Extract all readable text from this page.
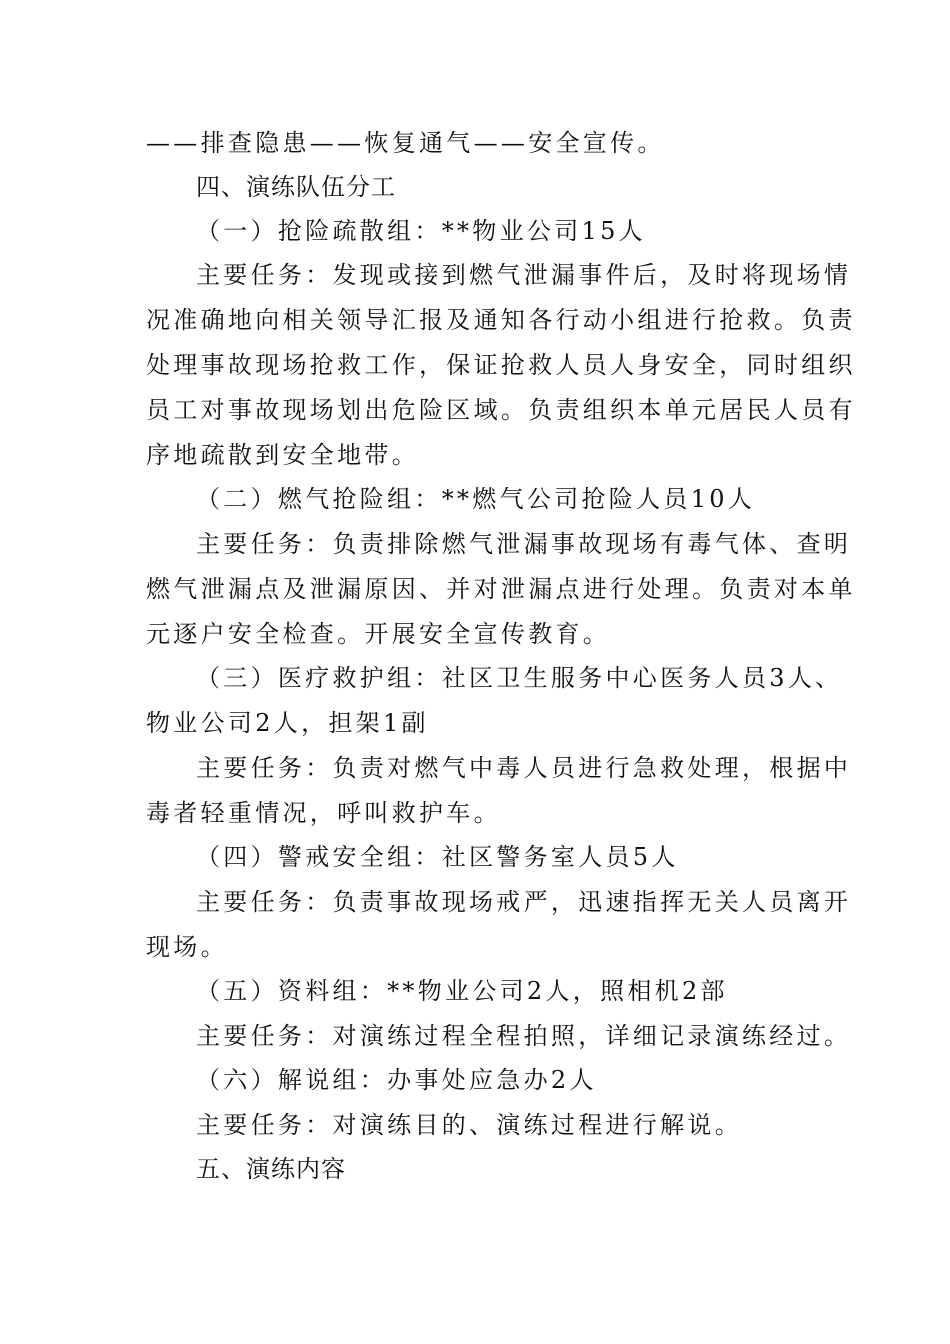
——排查隐患——恢复通气——安全宣传。
四、演练队伍分工
（一）抢险疏散组：**物业公司15人
主要任务：发现或接到燃气泄漏事件后，及时将现场情
况准确地向相关领导汇报及通知各行动小组进行抢救。负责
处理事故现场抢救工作，保证抢救人员人身安全，同时组织
员工对事故现场划出危险区域。负责组织本单元居民人员有
序地疏散到安全地带。
（二）燃气抢险组：**燃气公司抢险人员10人
主要任务：负责排除燃气泄漏事故现场有毒气体、查明
燃气泄漏点及泄漏原因、并对泄漏点进行处理。负责对本单
元逐户安全检查。开展安全宣传教育。
（三）医疗救护组：社区卫生服务中心医务人员3人、
物业公司2人，担架1副
主要任务：负责对燃气中毒人员进行急救处理，根据中
毒者轻重情况，呼叫救护车。
（四）警戒安全组：社区警务室人员5人
主要任务：负责事故现场戒严，迅速指挥无关人员离开
现场。
（五）资料组：**物业公司2人，照相机2部
主要任务：对演练过程全程拍照，详细记录演练经过。
（六）解说组：办事处应急办2人
主要任务：对演练目的、演练过程进行解说。
五、演练内容
